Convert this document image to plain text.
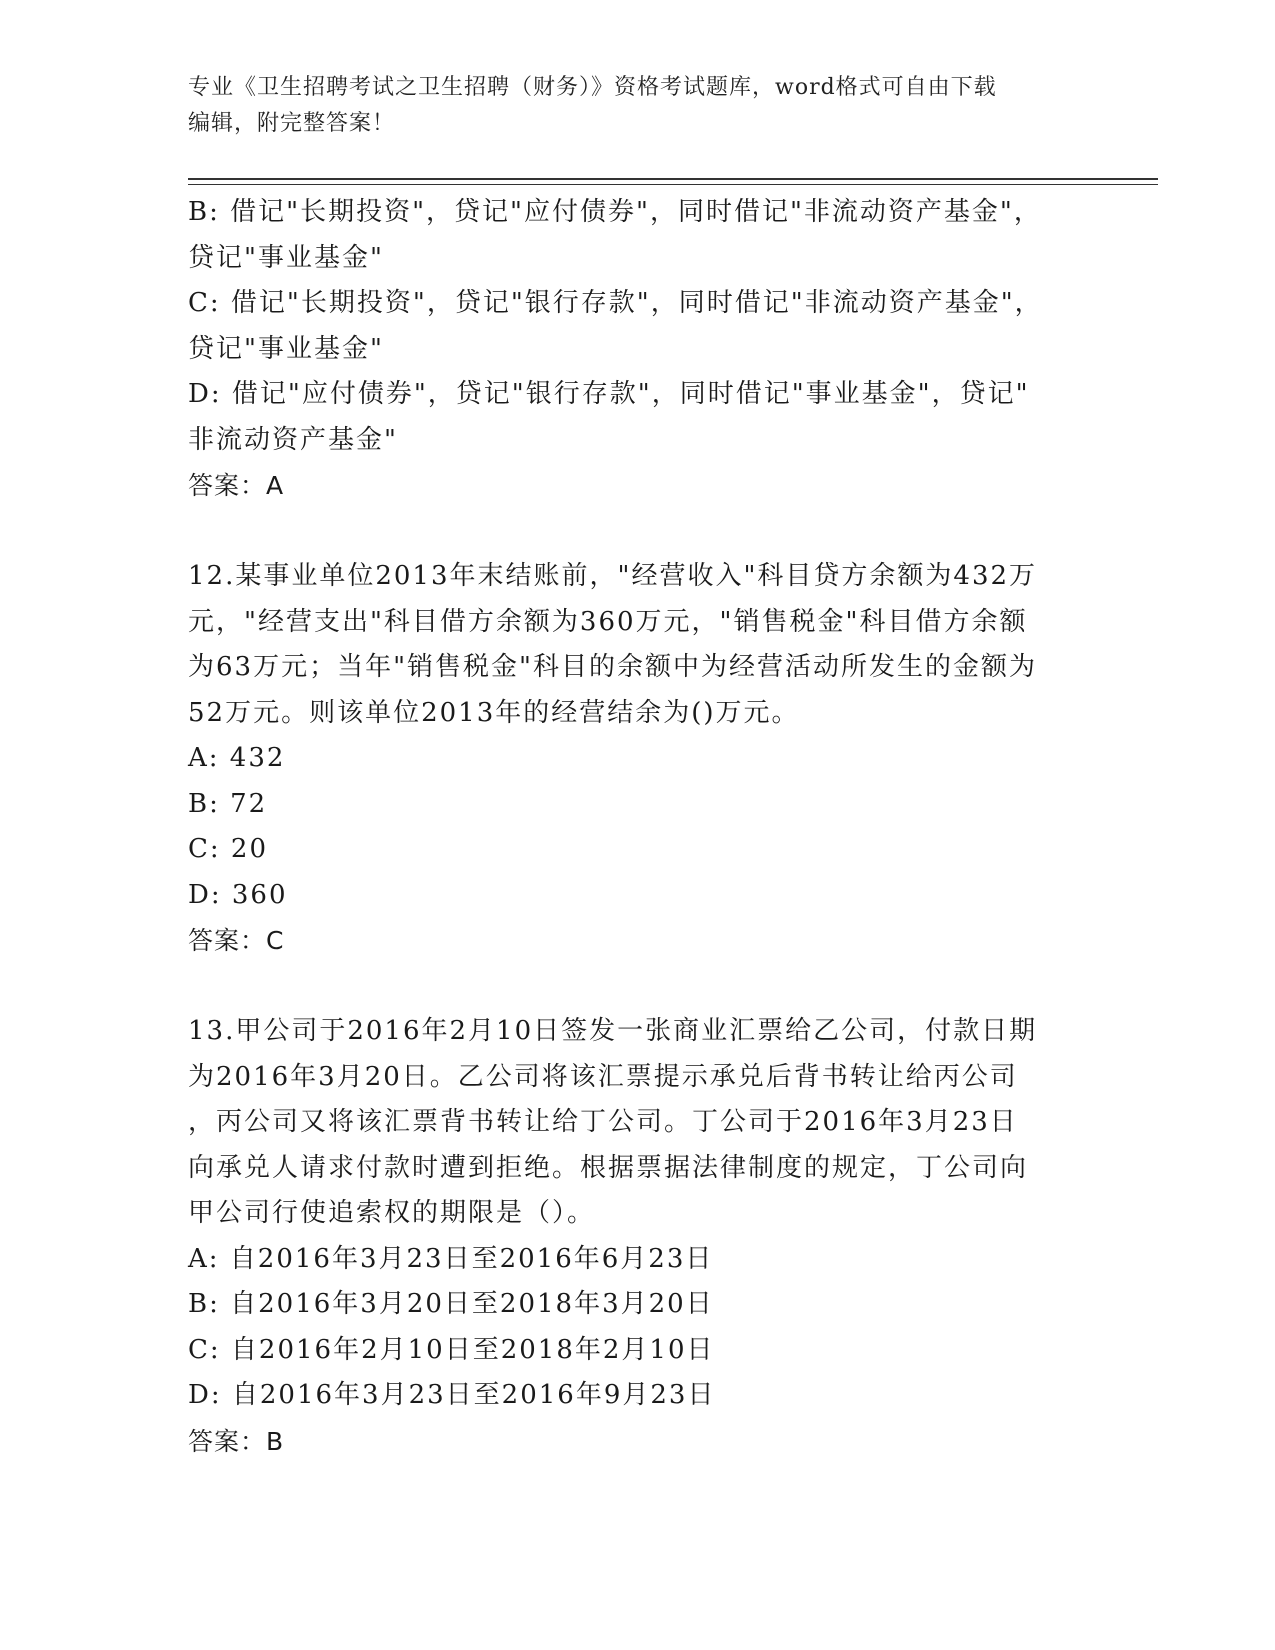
专业《卫生招聘考试之卫生招聘（财务）》资格考试题库，word格式可自由下载
编辑，附完整答案！
B: 借记"长期投资"，贷记"应付债券"，同时借记"非流动资产基金"，
贷记"事业基金"
C: 借记"长期投资"，贷记"银行存款"，同时借记"非流动资产基金"，
贷记"事业基金"
D: 借记"应付债券"，贷记"银行存款"，同时借记"事业基金"，贷记"
非流动资产基金"
答案：A
12.某事业单位2013年末结账前，"经营收入"科目贷方余额为432万
元，"经营支出"科目借方余额为360万元，"销售税金"科目借方余额
为63万元；当年"销售税金"科目的余额中为经营活动所发生的金额为
52万元。则该单位2013年的经营结余为()万元。
A: 432
B: 72
C: 20
D: 360
答案：C
13.甲公司于2016年2月10日签发一张商业汇票给乙公司，付款日期
为2016年3月20日。乙公司将该汇票提示承兑后背书转让给丙公司
，丙公司又将该汇票背书转让给丁公司。丁公司于2016年3月23日
向承兑人请求付款时遭到拒绝。根据票据法律制度的规定，丁公司向
甲公司行使追索权的期限是（）。
A: 自2016年3月23日至2016年6月23日
B: 自2016年3月20日至2018年3月20日
C: 自2016年2月10日至2018年2月10日
D: 自2016年3月23日至2016年9月23日
答案：B
